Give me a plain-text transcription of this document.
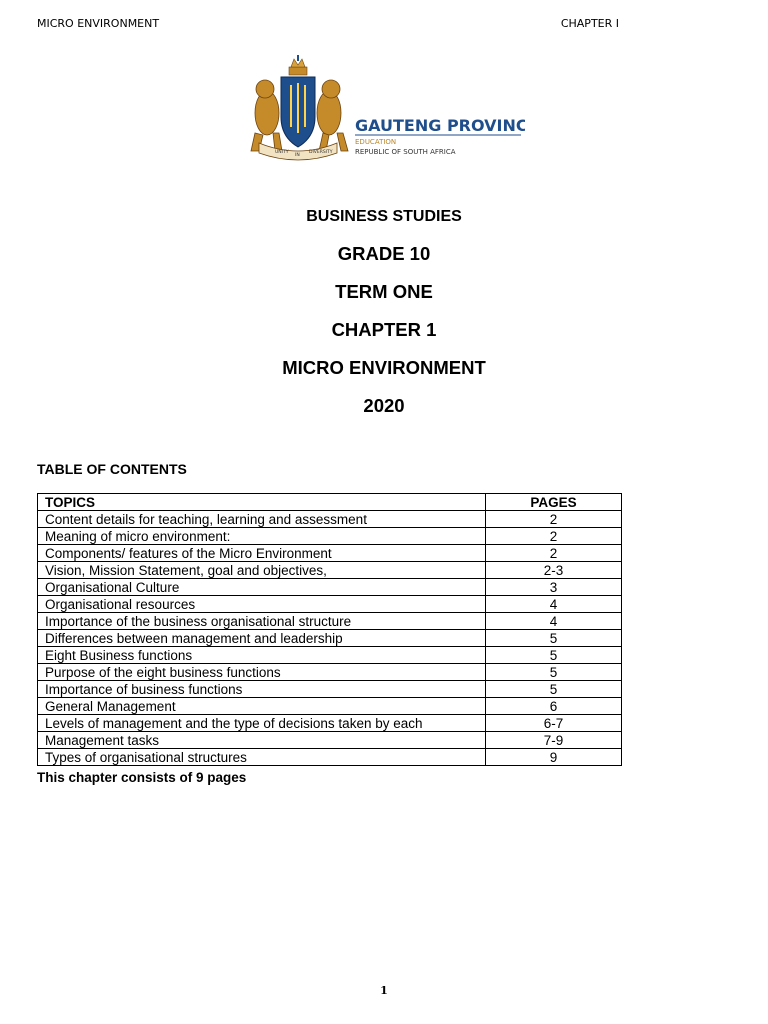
MICRO ENVIRONMENT	CHAPTER I
UNITY
IN
DIVERSITY
GAUTENG PROVINCE
EDUCATION
REPUBLIC OF SOUTH AFRICA
BUSINESS STUDIES
GRADE 10
TERM ONE
CHAPTER 1
MICRO ENVIRONMENT
2020
TABLE OF CONTENTS
TOPICS	PAGES
Content details for teaching, learning and assessment	2
Meaning of micro environment:	2
Components/ features of the Micro Environment	2
Vision, Mission Statement, goal and objectives,	2-3
Organisational Culture	3
Organisational resources	4
Importance of the business organisational structure	4
Differences between management and leadership	5
Eight Business functions	5
Purpose of the eight business functions	5
Importance of business functions	5
General Management	6
Levels of management and the type of decisions taken by each	6-7
Management tasks	7-9
Types of organisational structures	9
This chapter consists of 9 pages
1
